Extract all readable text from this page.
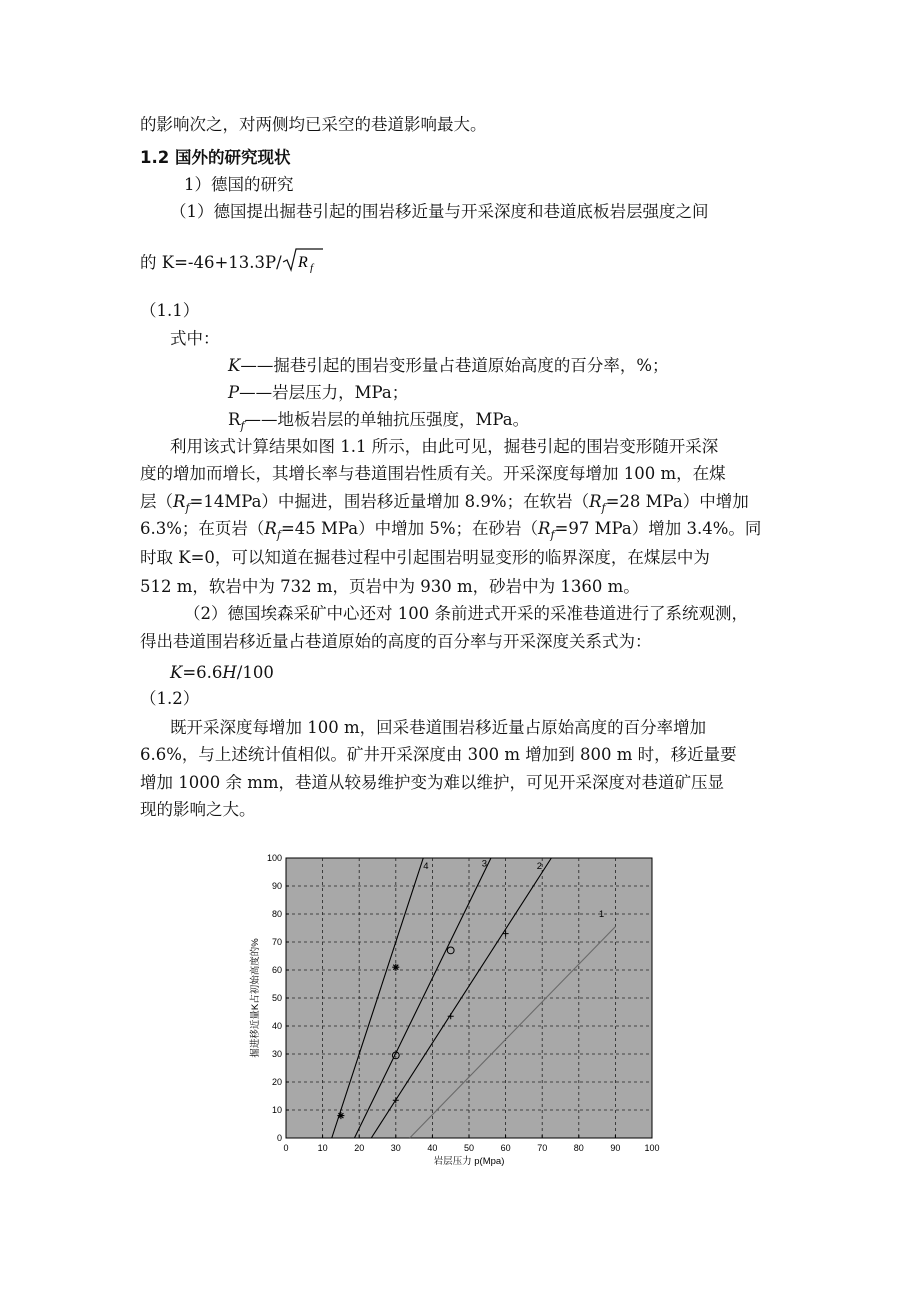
的影响次之，对两侧均已采空的巷道影响最大。
1.2 国外的研究现状
1）德国的研究
（1）德国提出掘巷引起的围岩移近量与开采深度和巷道底板岩层强度之间
的 K=-46+13.3P/ R f
（1.1）
式中：
K——掘巷引起的围岩变形量占巷道原始高度的百分率，%；
P——岩层压力，MPa；
$R_f——$地板岩层的单轴抗压强度，MPa。
利用该式计算结果如图 1.1 所示，由此可见，掘巷引起的围岩变形随开采深
度的增加而增长，其增长率与巷道围岩性质有关。开采深度每增加 100 m，在煤
层$(R_f=14MPa)$中掘进，围岩移近量增加 8.9%；在软岩（$R_f=28$ MPa）中增加
6.3%；在页岩（$R_f=45$ MPa）中增加 5%；在砂岩（$R_f=97$ MPa）增加 3.4%。同
时取 K=0，可以知道在掘巷过程中引起围岩明显变形的临界深度，在煤层中为
512 m，软岩中为 732 m，页岩中为 930 m，砂岩中为 1360 m。
（2）德国埃森采矿中心还对 100 条前进式开采的采准巷道进行了系统观测，
得出巷道围岩移近量占巷道原始的高度的百分率与开采深度关系式为：
K=6.6H/100
（1.2）
既开采深度每增加 100 m，回采巷道围岩移近量占原始高度的百分率增加
6.6%，与上述统计值相似。矿井开采深度由 300 m 增加到 800 m 时，移近量要
增加 1000 余 mm，巷道从较易维护变为难以维护，可见开采深度对巷道矿压显
现的影响之大。
0	10	20	30	40	50	60	70	80	90	100
0
10
20
30
40
50
60
70
80
90
100
4	3	2
1
岩层压力 p(Mpa)
掘进移近量K占初始高度的%
